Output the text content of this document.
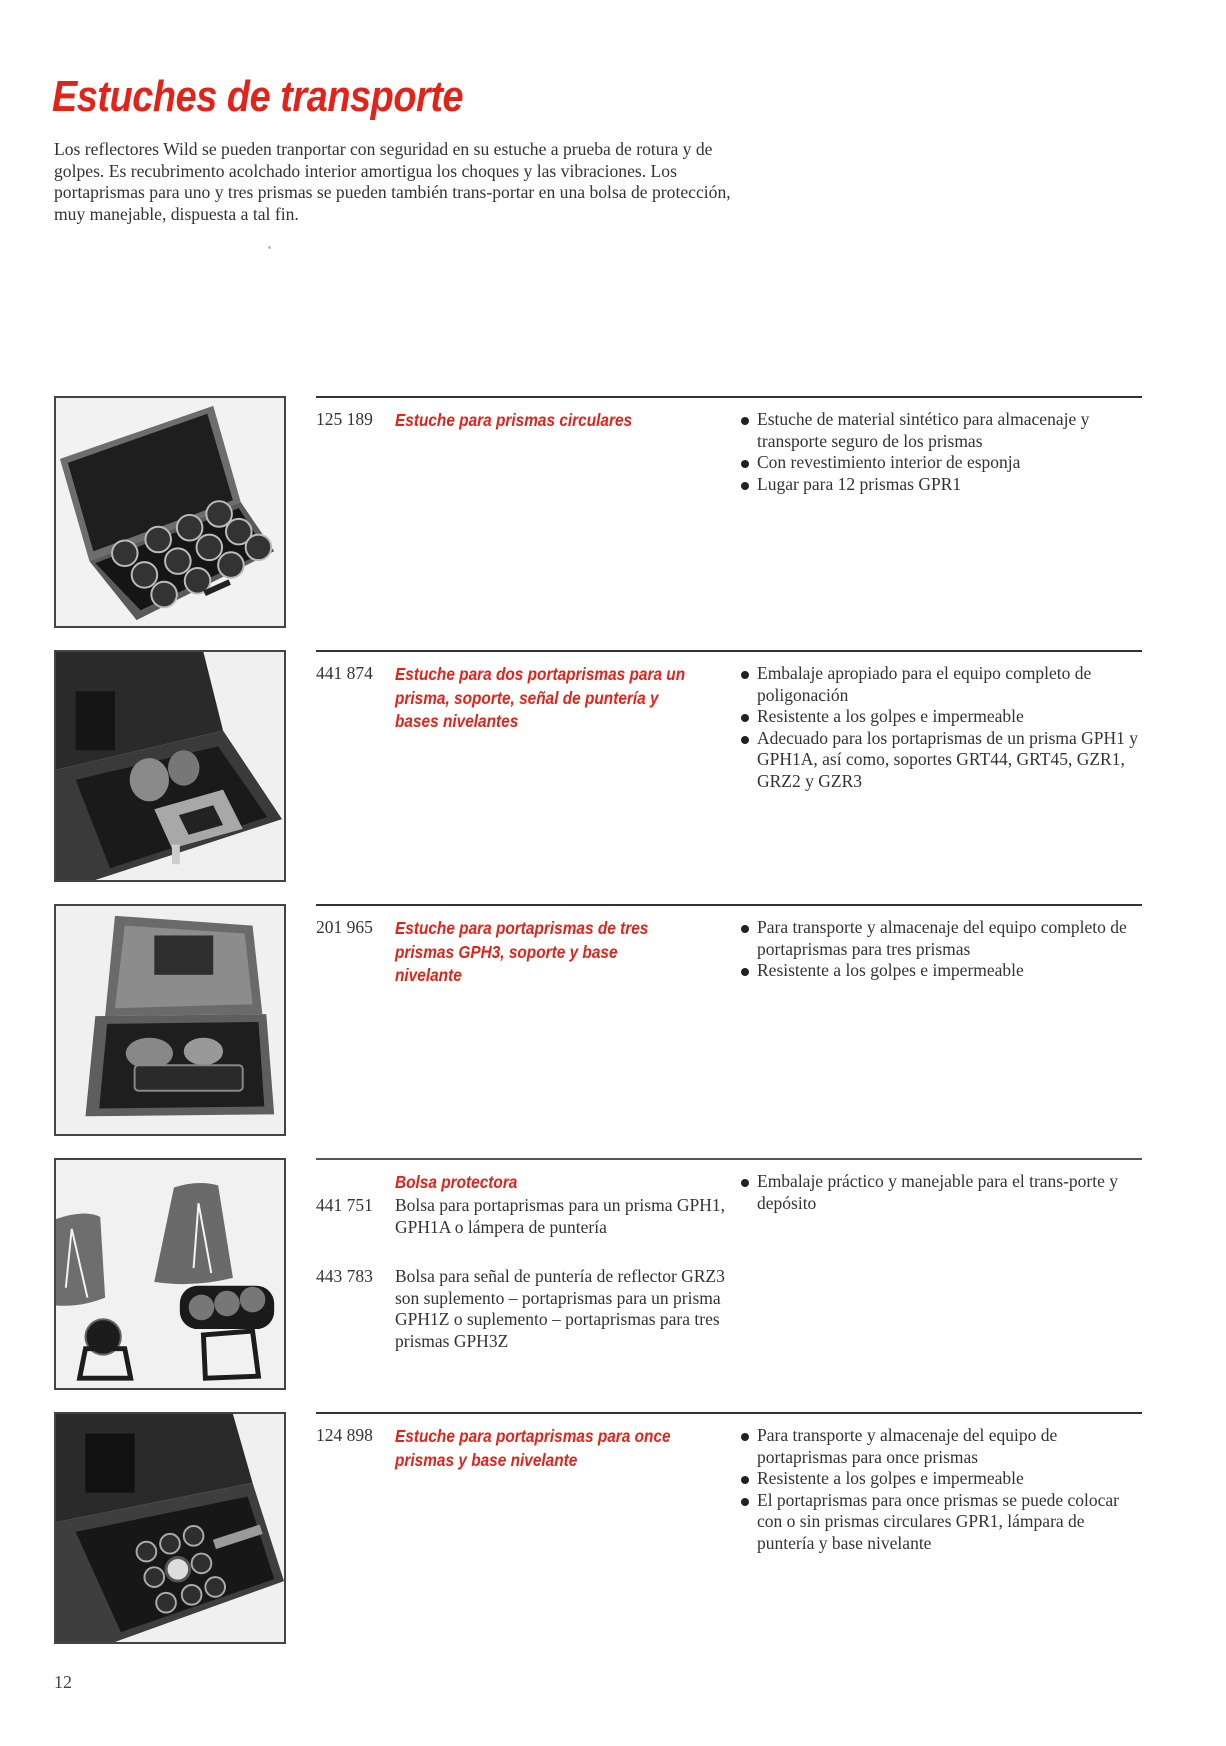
Estuches de transporte

Los reflectores Wild se pueden tranportar con seguridad en su estuche a prueba de rotura y de golpes. Es recubrimento acolchado interior amortigua los choques y las vibraciones. Los portaprismas para uno y tres prismas se pueden también trans-portar en una bolsa de protección, muy manejable, dispuesta a tal fin.

125 189 Estuche para prismas circulares	Estuche de material sintético para almacenaje y transporte seguro de los prismas
Con revestimiento interior de esponja
Lugar para 12 prismas GPR1
441 874 Estuche para dos portaprismas para un prisma, soporte, señal de puntería y bases nivelantes
Embalaje apropiado para el equipo completo de poligonación
Resistente a los golpes e impermeable
Adecuado para los portaprismas de un prisma GPH1 y GPH1A, así como, soportes GRT44, GRT45, GZR1, GRZ2 y GZR3
201 965 Estuche para portaprismas de tres prismas GPH3, soporte y base nivelante
Para transporte y almacenaje del equipo completo de portaprismas para tres prismas
Resistente a los golpes e impermeable
Bolsa protectora
441 751 Bolsa para portaprismas para un prisma GPH1, GPH1A o lámpera de puntería
443 783 Bolsa para señal de puntería de reflector GRZ3 son suplemento – portaprismas para un prisma GPH1Z o suplemento – portaprismas para tres prismas GPH3Z
Embalaje práctico y manejable para el trans-porte y depósito
124 898 Estuche para portaprismas para once prismas y base nivelante
Para transporte y almacenaje del equipo de portaprismas para once prismas
Resistente a los golpes e impermeable
El portaprismas para once prismas se puede colocar con o sin prismas circulares GPR1, lámpara de puntería y base nivelante
12
